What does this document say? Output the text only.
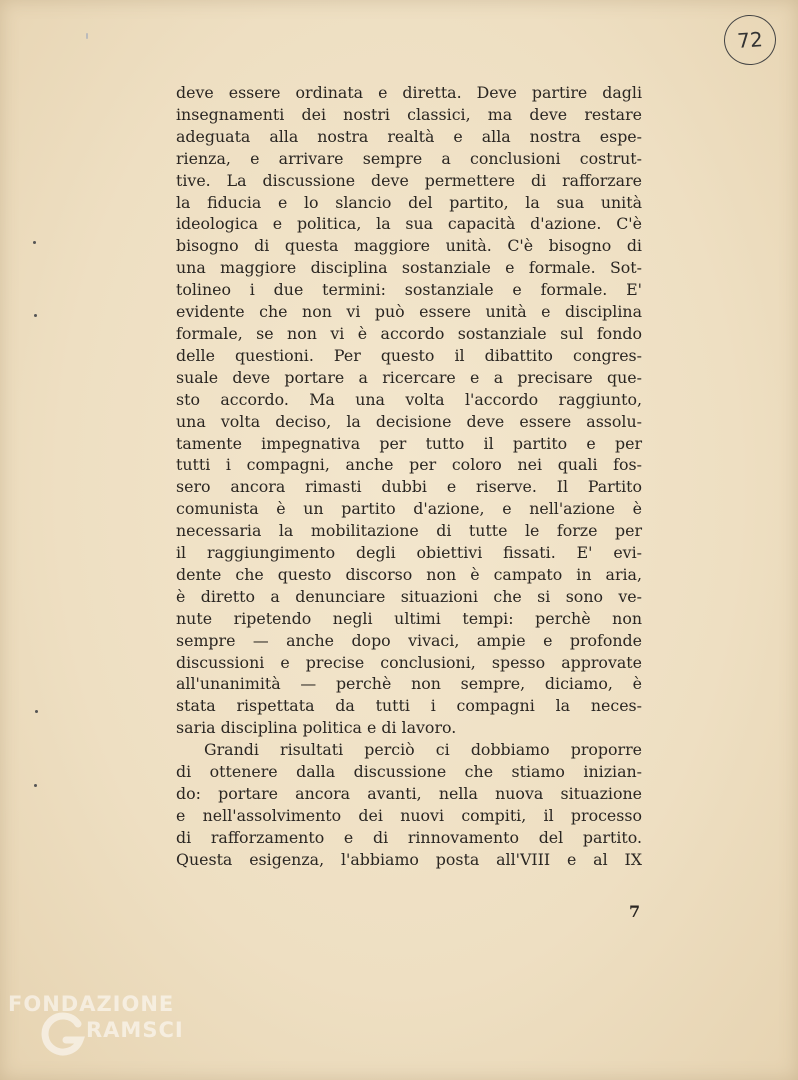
72
deve essere ordinata e diretta. Deve partire dagli
insegnamenti dei nostri classici, ma deve restare
adeguata alla nostra realtà e alla nostra espe-
rienza, e arrivare sempre a conclusioni costrut-
tive. La discussione deve permettere di rafforzare
la fiducia e lo slancio del partito, la sua unità
ideologica e politica, la sua capacità d'azione. C'è
bisogno di questa maggiore unità. C'è bisogno di
una maggiore disciplina sostanziale e formale. Sot-
tolineo i due termini: sostanziale e formale. E'
evidente che non vi può essere unità e disciplina
formale, se non vi è accordo sostanziale sul fondo
delle questioni. Per questo il dibattito congres-
suale deve portare a ricercare e a precisare que-
sto accordo. Ma una volta l'accordo raggiunto,
una volta deciso, la decisione deve essere assolu-
tamente impegnativa per tutto il partito e per
tutti i compagni, anche per coloro nei quali fos-
sero ancora rimasti dubbi e riserve. Il Partito
comunista è un partito d'azione, e nell'azione è
necessaria la mobilitazione di tutte le forze per
il raggiungimento degli obiettivi fissati. E' evi-
dente che questo discorso non è campato in aria,
è diretto a denunciare situazioni che si sono ve-
nute ripetendo negli ultimi tempi: perchè non
sempre — anche dopo vivaci, ampie e profonde
discussioni e precise conclusioni, spesso approvate
all'unanimità — perchè non sempre, diciamo, è
stata rispettata da tutti i compagni la neces-
saria disciplina politica e di lavoro.
Grandi risultati perciò ci dobbiamo proporre
di ottenere dalla discussione che stiamo inizian-
do: portare ancora avanti, nella nuova situazione
e nell'assolvimento dei nuovi compiti, il processo
di rafforzamento e di rinnovamento del partito.
Questa esigenza, l'abbiamo posta all'VIII e al IX
7
FONDAZIONE
RAMSCI
